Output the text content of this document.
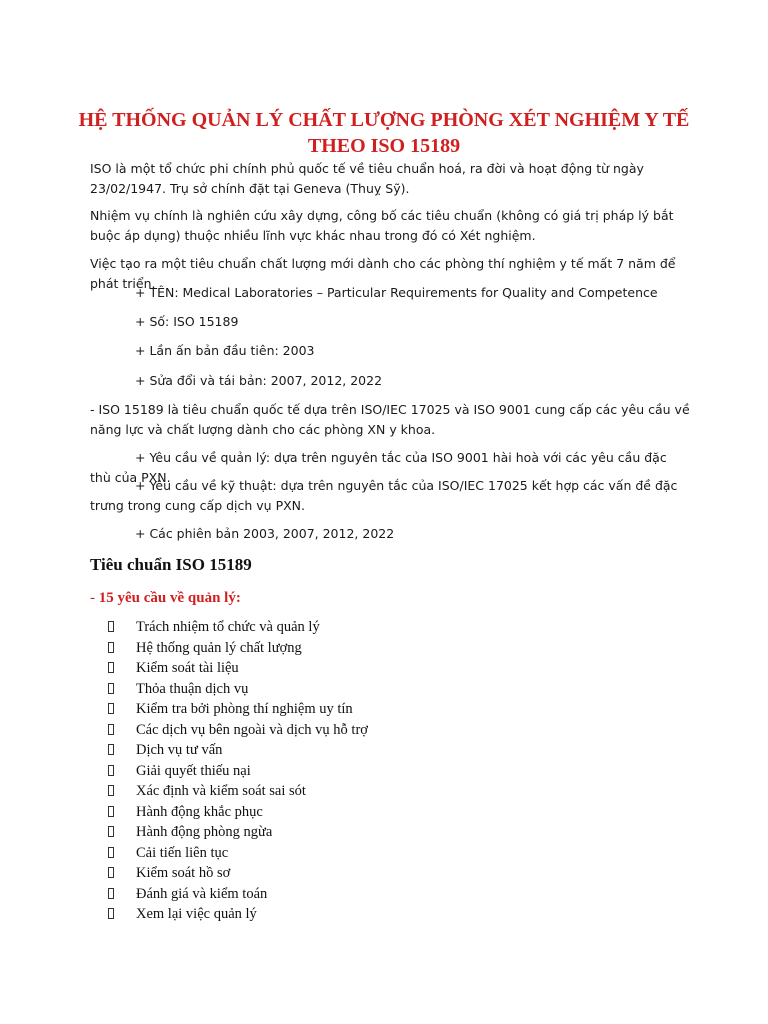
HỆ THỐNG QUẢN LÝ CHẤT LƯỢNG PHÒNG XÉT NGHIỆM Y TẾ THEO ISO 15189

ISO là một tổ chức phi chính phủ quốc tế về tiêu chuẩn hoá, ra đời và hoạt động từ ngày 23/02/1947. Trụ sở chính đặt tại Geneva (Thuỵ Sỹ).

Nhiệm vụ chính là nghiên cứu xây dựng, công bố các tiêu chuẩn (không có giá trị pháp lý bắt buộc áp dụng) thuộc nhiều lĩnh vực khác nhau trong đó có Xét nghiệm.

Việc tạo ra một tiêu chuẩn chất lượng mới dành cho các phòng thí nghiệm y tế mất 7 năm để phát triển.

+ TÊN: Medical Laboratories – Particular Requirements for Quality and Competence

+ Số: ISO 15189

+ Lần ấn bản đầu tiên: 2003

+ Sửa đổi và tái bản: 2007, 2012, 2022

- ISO 15189 là tiêu chuẩn quốc tế dựa trên ISO/IEC 17025 và ISO 9001 cung cấp các yêu cầu về năng lực và chất lượng dành cho các phòng XN y khoa.

+ Yêu cầu về quản lý: dựa trên nguyên tắc của ISO 9001 hài hoà với các yêu cầu đặc thù của PXN.

+ Yêu cầu về kỹ thuật: dựa trên nguyên tắc của ISO/IEC 17025 kết hợp các vấn đề đặc trưng trong cung cấp dịch vụ PXN.

+ Các phiên bản 2003, 2007, 2012, 2022

Tiêu chuẩn ISO 15189

- 15 yêu cầu về quản lý:

Trách nhiệm tổ chức và quản lý
Hệ thống quản lý chất lượng
Kiểm soát tài liệu
Thỏa thuận dịch vụ
Kiểm tra bởi phòng thí nghiệm uy tín
Các dịch vụ bên ngoài và dịch vụ hỗ trợ
Dịch vụ tư vấn
Giải quyết thiếu nại
Xác định và kiểm soát sai sót
Hành động khắc phục
Hành động phòng ngừa
Cải tiến liên tục
Kiểm soát hồ sơ
Đánh giá và kiểm toán
Xem lại việc quản lý
